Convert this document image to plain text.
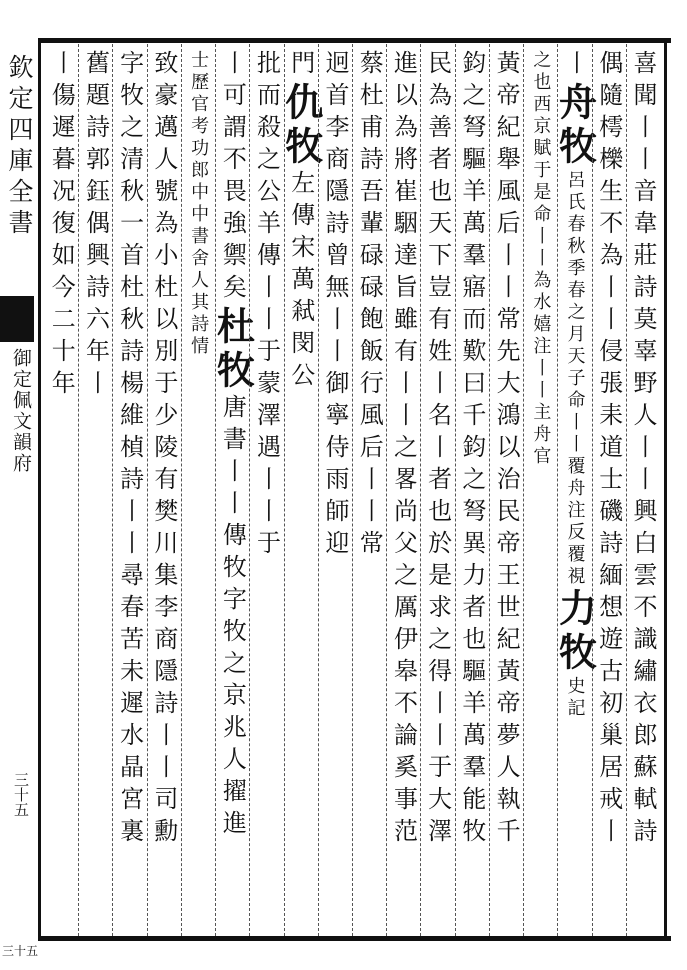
欽定四庫全書
御定佩文韻府
三十五
三十五
喜聞丨丨音韋莊詩莫辜野人丨丨興白雲不識繡衣郎蘇軾詩
偶隨樗櫟生不為丨丨侵張耒道士磯詩緬想遊古初巢居戒丨
丨舟牧呂氏春秋季春之月天子命丨丨覆舟注反覆視力牧史記
之也西京賦于是命丨丨為水嬉注丨丨主舟官
黃帝紀舉風后丨丨常先大鴻以治民帝王世紀黃帝夢人執千
鈞之弩驅羊萬羣寤而歎曰千鈞之弩異力者也驅羊萬羣能牧
民為善者也天下豈有姓丨名丨者也於是求之得丨丨于大澤
進以為將崔駰達旨雖有丨丨之畧尚父之厲伊皋不論奚事范
蔡杜甫詩吾輩碌碌飽飯行風后丨丨常
迥首李商隱詩曾無丨丨御寧侍雨師迎
門仇牧左傳宋萬弒閔公
批而殺之公羊傳丨丨于蒙澤遇丨丨于
丨可謂不畏強禦矣杜牧唐書丨丨傳牧字牧之京兆人擢進
士歷官考功郎中中書舍人其詩情
致豪邁人號為小杜以別于少陵有樊川集李商隱詩丨丨司勳
字牧之清秋一首杜秋詩楊維楨詩丨丨尋春苦未遲水晶宮裏
舊題詩郭鈺偶興詩六年丨
丨傷遲暮况復如今二十年
